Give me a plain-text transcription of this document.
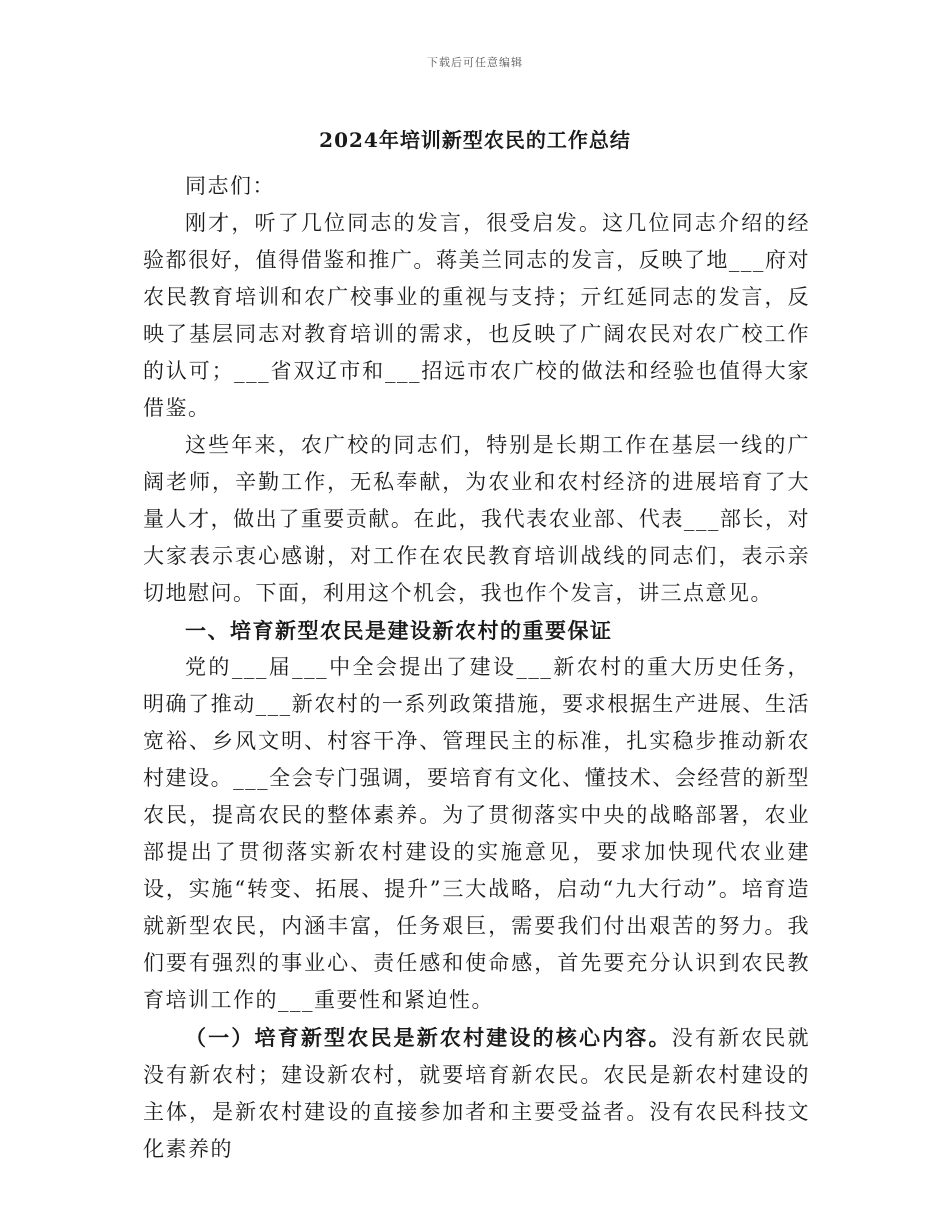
下载后可任意编辑
2024年培训新型农民的工作总结

同志们：

刚才，听了几位同志的发言，很受启发。这几位同志介绍的经验都很好，值得借鉴和推广。蒋美兰同志的发言，反映了地___府对农民教育培训和农广校事业的重视与支持；亓红延同志的发言，反映了基层同志对教育培训的需求，也反映了广阔农民对农广校工作的认可；___省双辽市和___招远市农广校的做法和经验也值得大家借鉴。

这些年来，农广校的同志们，特别是长期工作在基层一线的广阔老师，辛勤工作，无私奉献，为农业和农村经济的进展培育了大量人才，做出了重要贡献。在此，我代表农业部、代表___部长，对大家表示衷心感谢，对工作在农民教育培训战线的同志们，表示亲切地慰问。下面，利用这个机会，我也作个发言，讲三点意见。

一、培育新型农民是建设新农村的重要保证

党的___届___中全会提出了建设___新农村的重大历史任务，明确了推动___新农村的一系列政策措施，要求根据生产进展、生活宽裕、乡风文明、村容干净、管理民主的标准，扎实稳步推动新农村建设。___全会专门强调，要培育有文化、懂技术、会经营的新型农民，提高农民的整体素养。为了贯彻落实中央的战略部署，农业部提出了贯彻落实新农村建设的实施意见，要求加快现代农业建设，实施“转变、拓展、提升”三大战略，启动“九大行动”。培育造就新型农民，内涵丰富，任务艰巨，需要我们付出艰苦的努力。我们要有强烈的事业心、责任感和使命感，首先要充分认识到农民教育培训工作的___重要性和紧迫性。

（一）培育新型农民是新农村建设的核心内容。没有新农民就没有新农村；建设新农村，就要培育新农民。农民是新农村建设的主体，是新农村建设的直接参加者和主要受益者。没有农民科技文化素养的
